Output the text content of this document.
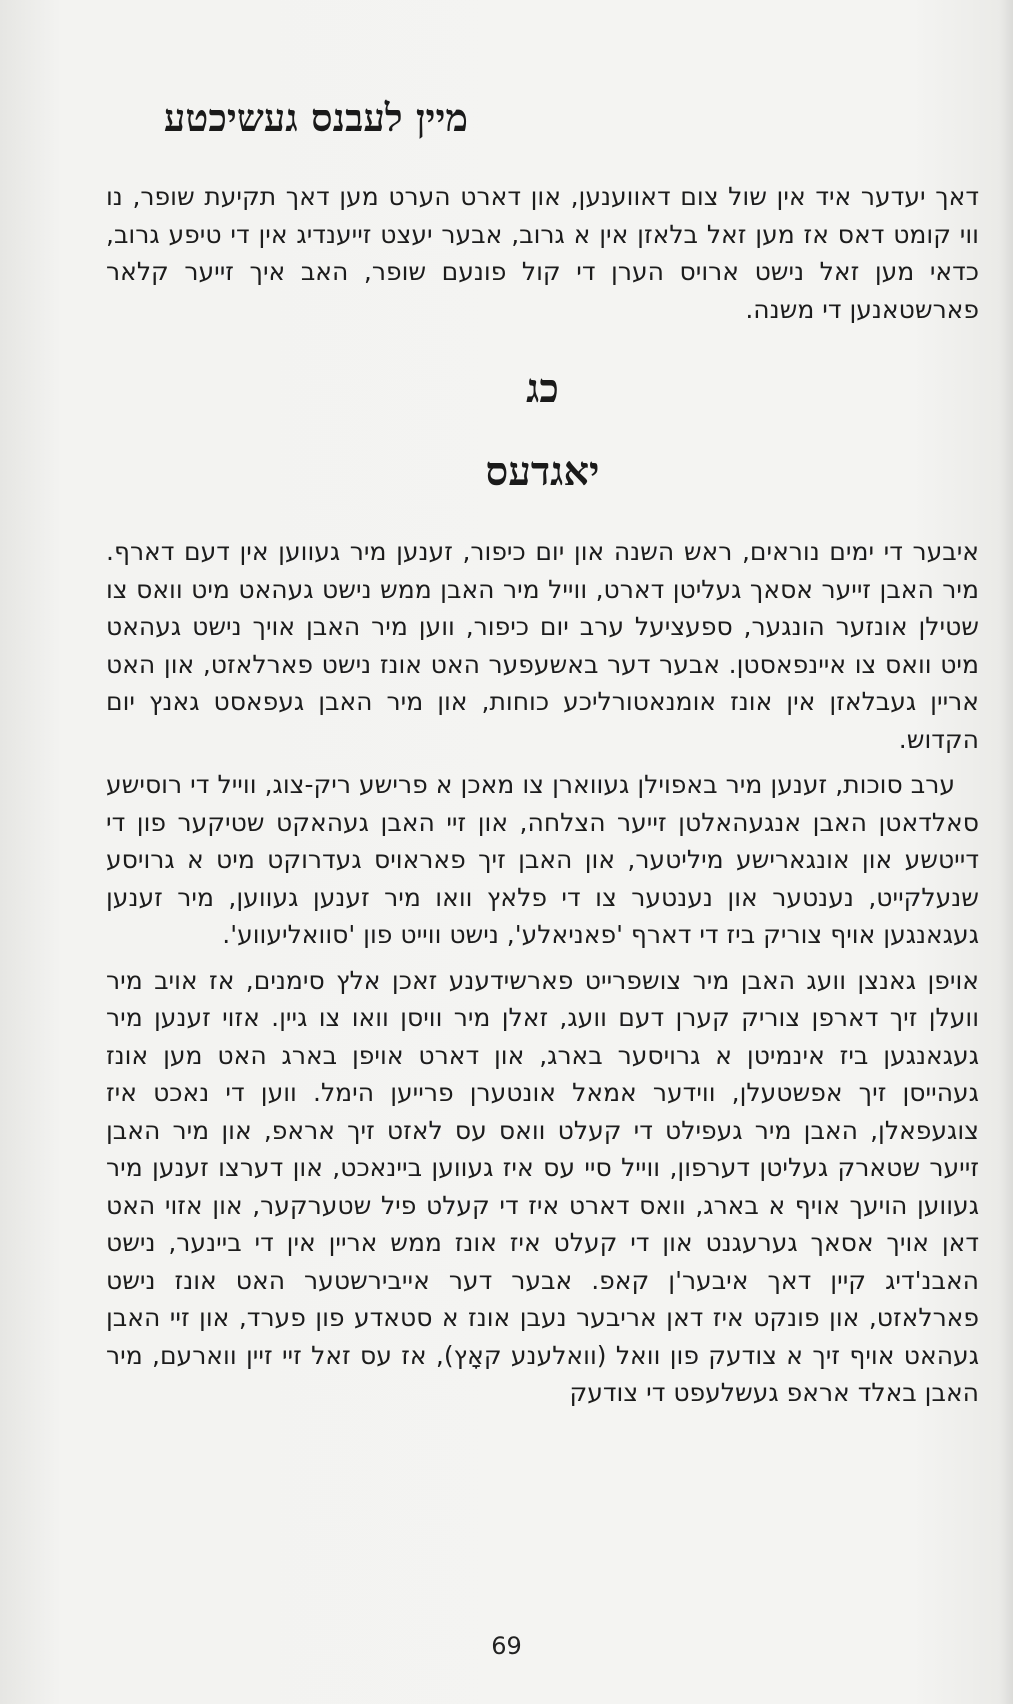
מיין לעבנס געשיכטע

דאך יעדער איד אין שול צום דאווענען, און דארט הערט מען דאך תקיעת שופר, נו ווי קומט דאס אז מען זאל בלאזן אין א גרוב, אבער יעצט זייענדיג אין די טיפע גרוב, כדאי מען זאל נישט ארויס הערן די קול פונעם שופר, האב איך זייער קלאר פארשטאנען די משנה.

כג
יאגדעס

איבער די ימים נוראים, ראש השנה און יום כיפור, זענען מיר געווען אין דעם דארף. מיר האבן זייער אסאך געליטן דארט, ווייל מיר האבן ממש נישט געהאט מיט וואס צו שטילן אונזער הונגער, ספעציעל ערב יום כיפור, ווען מיר האבן אויך נישט געהאט מיט וואס צו איינפאסטן. אבער דער באשעפער האט אונז נישט פארלאזט, און האט אריין געבלאזן אין אונז אומנאטורליכע כוחות, און מיר האבן געפאסט גאנץ יום הקדוש.

ערב סוכות, זענען מיר באפוילן געווארן צו מאכן א פרישע ריק-צוג, ווייל די רוסישע סאלדאטן האבן אנגעהאלטן זייער הצלחה, און זיי האבן געהאקט שטיקער פון די דייטשע און אונגארישע מיליטער, און האבן זיך פאראויס געדרוקט מיט א גרויסע שנעלקייט, נענטער און נענטער צו די פלאץ וואו מיר זענען געווען, מיר זענען געגאנגען אויף צוריק ביז די דארף 'פאניאלע', נישט ווייט פון 'סוואליעווע'.

אויפן גאנצן וועג האבן מיר צושפרייט פארשידענע זאכן אלץ סימנים, אז אויב מיר וועלן זיך דארפן צוריק קערן דעם וועג, זאלן מיר וויסן וואו צו גיין. אזוי זענען מיר געגאנגען ביז אינמיטן א גרויסער בארג, און דארט אויפן בארג האט מען אונז געהייסן זיך אפשטעלן, ווידער אמאל אונטערן פרייען הימל. ווען די נאכט איז צוגעפאלן, האבן מיר געפילט די קעלט וואס עס לאזט זיך אראפ, און מיר האבן זייער שטארק געליטן דערפון, ווייל סיי עס איז געווען ביינאכט, און דערצו זענען מיר געווען הויעך אויף א בארג, וואס דארט איז די קעלט פיל שטערקער, און אזוי האט דאן אויך אסאך גערעגנט און די קעלט איז אונז ממש אריין אין די ביינער, נישט האבנ'דיג קיין דאך איבער'ן קאפ. אבער דער אייבירשטער האט אונז נישט פארלאזט, און פונקט איז דאן אריבער נעבן אונז א סטאדע פון פערד, און זיי האבן געהאט אויף זיך א צודעק פון וואל (וואלענע קאָץ), אז עס זאל זיי זיין ווארעם, מיר האבן באלד אראפ געשלעפט די צודעק

69
